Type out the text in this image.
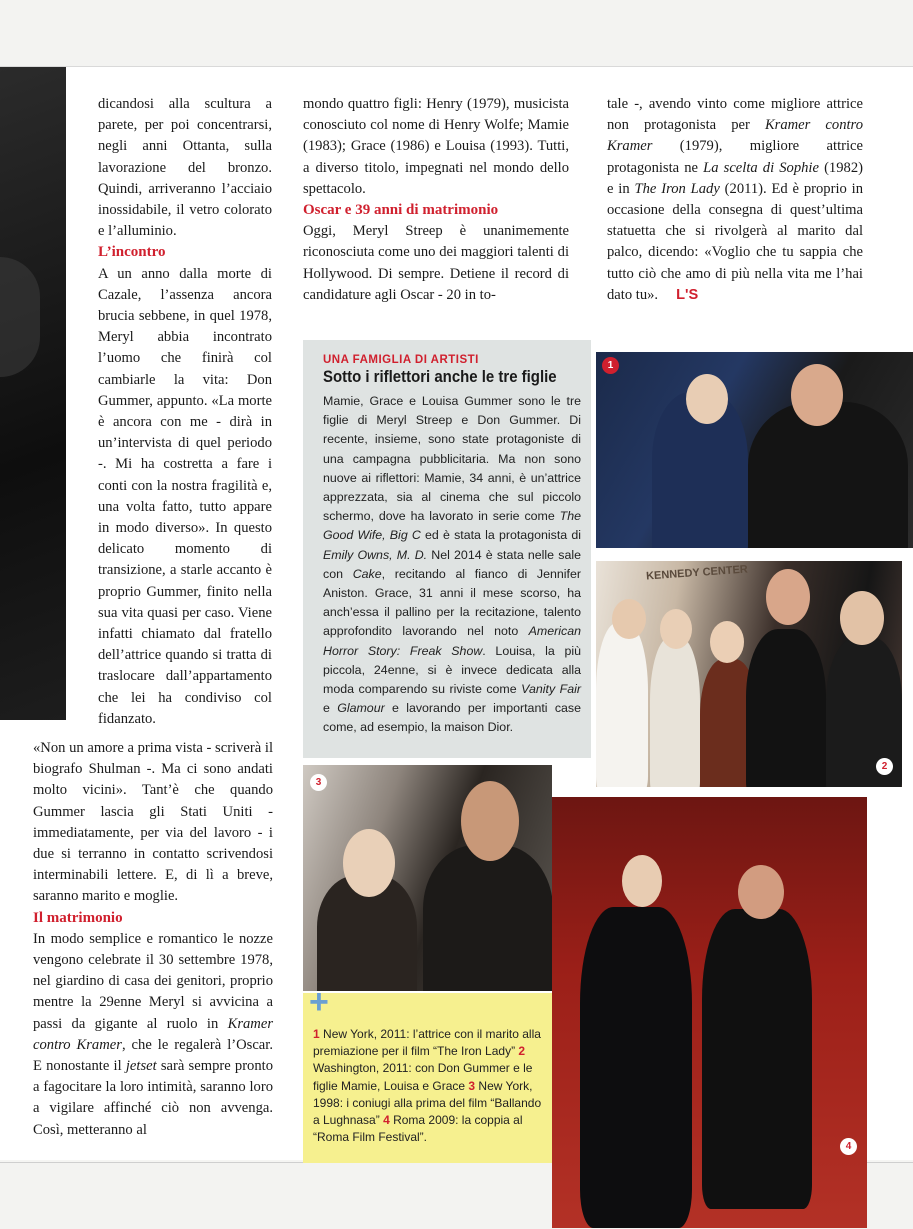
dicandosi alla scultura a parete, per poi concentrarsi, negli anni Ottanta, sulla lavorazione del bronzo. Quindi, arriveranno l’acciaio inossidabile, il vetro colorato e l’alluminio.

L’incontro

A un anno dalla morte di Cazale, l’assenza ancora brucia sebbene, in quel 1978, Meryl abbia incontrato l’uomo che finirà col cambiarle la vita: Don Gummer, appunto. «La morte è ancora con me - dirà in un’intervista di quel periodo -. Mi ha costretta a fare i conti con la nostra fragilità e, una volta fatto, tutto appare in modo diverso». In questo delicato momento di transizione, a starle accanto è proprio Gummer, finito nella sua vita quasi per caso. Viene infatti chiamato dal fratello dell’attrice quando si tratta di traslocare dall’appartamento che lei ha condiviso col fidanzato.

«Non un amore a prima vista - scriverà il biografo Shulman -. Ma ci sono andati molto vicini». Tant’è che quando Gummer lascia gli Stati Uniti - immediatamente, per via del lavoro - i due si terranno in contatto scrivendosi interminabili lettere. E, di lì a breve, saranno marito e moglie.

Il matrimonio

In modo semplice e romantico le nozze vengono celebrate il 30 settembre 1978, nel giardino di casa dei genitori, proprio mentre la 29enne Meryl si avvicina a passi da gigante al ruolo in Kramer contro Kramer, che le regalerà l’Oscar. E nonostante il jetset sarà sempre pronto a fagocitare la loro intimità, saranno loro a vigilare affinché ciò non avvenga. Così, metteranno al

mondo quattro figli: Henry (1979), musicista conosciuto col nome di Henry Wolfe; Mamie (1983); Grace (1986) e Louisa (1993). Tutti, a diverso titolo, impegnati nel mondo dello spettacolo.

Oscar e 39 anni di matrimonio

Oggi, Meryl Streep è unanimemente riconosciuta come uno dei maggiori talenti di Hollywood. Di sempre. Detiene il record di candidature agli Oscar - 20 in to-

tale -, avendo vinto come migliore attrice non protagonista per Kramer contro Kramer (1979), migliore attrice protagonista ne La scelta di Sophie (1982) e in The Iron Lady (2011). Ed è proprio in occasione della consegna di quest’ultima statuetta che si rivolgerà al marito dal palco, dicendo: «Voglio che tu sappia che tutto ciò che amo di più nella vita me l’hai dato tu». L'S

UNA FAMIGLIA DI ARTISTI
Sotto i riflettori anche le tre figlie
Mamie, Grace e Louisa Gummer sono le tre figlie di Meryl Streep e Don Gummer. Di recente, insieme, sono state protagoniste di una campagna pubblicitaria. Ma non sono nuove ai riflettori: Mamie, 34 anni, è un’attrice apprezzata, sia al cinema che sul piccolo schermo, dove ha lavorato in serie come The Good Wife, Big C ed è stata la protagonista di Emily Owns, M. D. Nel 2014 è stata nelle sale con Cake, recitando al fianco di Jennifer Aniston. Grace, 31 anni il mese scorso, ha anch’essa il pallino per la recitazione, talento approfondito lavorando nel noto American Horror Story: Freak Show. Louisa, la più piccola, 24enne, si è invece dedicata alla moda comparendo su riviste come Vanity Fair e Glamour e lavorando per importanti case come, ad esempio, la maison Dior.
1
KENNEDY CENTER
2
3
4
+
1 New York, 2011: l’attrice con il marito alla premiazione per il film “The Iron Lady” 2 Washington, 2011: con Don Gummer e le figlie Mamie, Louisa e Grace 3 New York, 1998: i coniugi alla prima del film “Ballando a Lughnasa” 4 Roma 2009: la coppia al “Roma Film Festival”.
